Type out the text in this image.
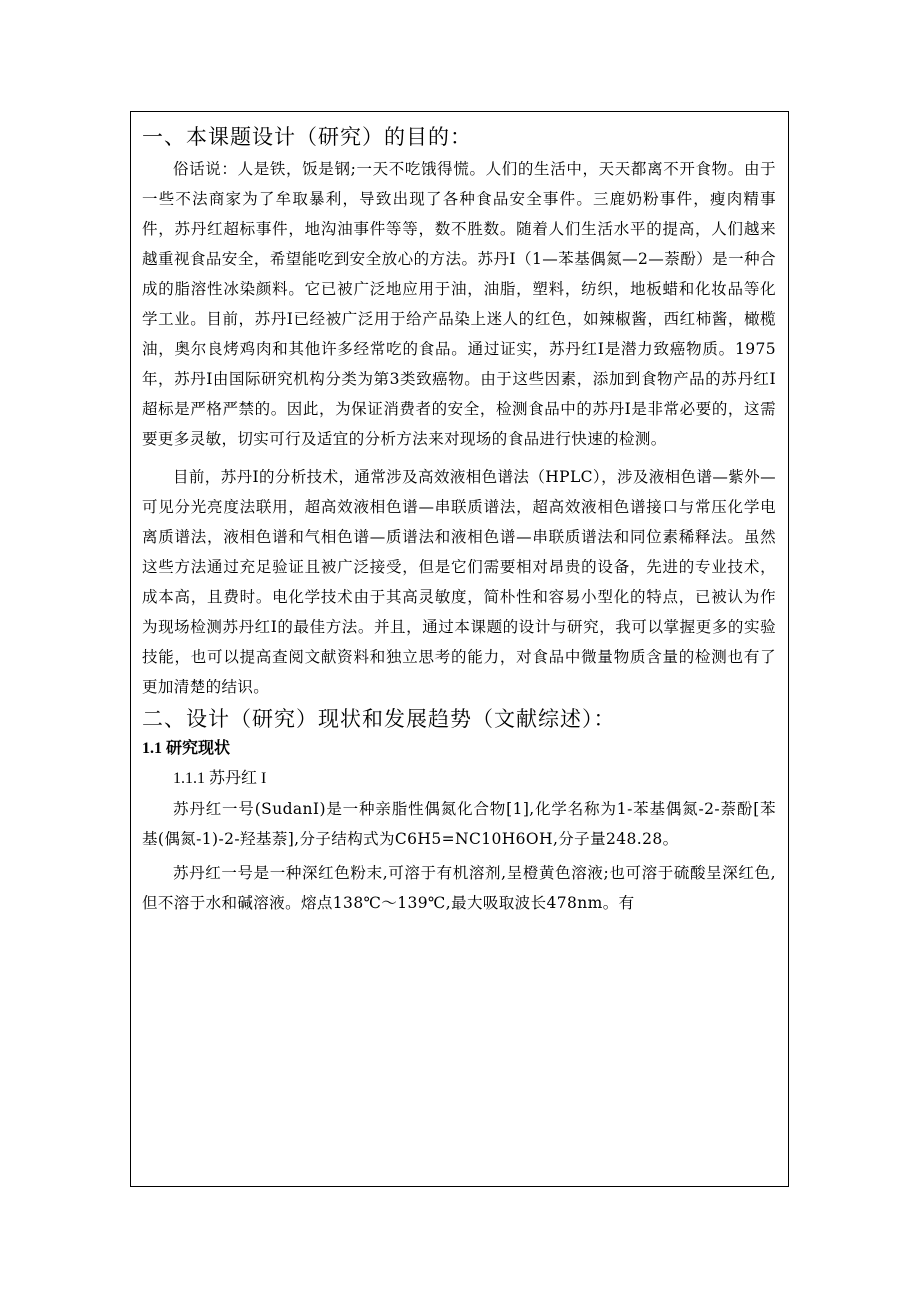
一、本课题设计（研究）的目的：

俗话说：人是铁，饭是钢;一天不吃饿得慌。人们的生活中，天天都离不开食物。由于一些不法商家为了牟取暴利，导致出现了各种食品安全事件。三鹿奶粉事件，瘦肉精事件，苏丹红超标事件，地沟油事件等等，数不胜数。随着人们生活水平的提高，人们越来越重视食品安全，希望能吃到安全放心的方法。苏丹I（1—苯基偶氮—2—萘酚）是一种合成的脂溶性冰染颜料。它已被广泛地应用于油，油脂，塑料，纺织，地板蜡和化妆品等化学工业。目前，苏丹I已经被广泛用于给产品染上迷人的红色，如辣椒酱，西红柿酱，橄榄油，奥尔良烤鸡肉和其他许多经常吃的食品。通过证实，苏丹红I是潜力致癌物质。1975年，苏丹I由国际研究机构分类为第3类致癌物。由于这些因素，添加到食物产品的苏丹红I超标是严格严禁的。因此，为保证消费者的安全，检测食品中的苏丹I是非常必要的，这需要更多灵敏，切实可行及适宜的分析方法来对现场的食品进行快速的检测。

目前，苏丹I的分析技术，通常涉及高效液相色谱法（HPLC），涉及液相色谱—紫外—可见分光亮度法联用，超高效液相色谱—串联质谱法，超高效液相色谱接口与常压化学电离质谱法，液相色谱和气相色谱—质谱法和液相色谱—串联质谱法和同位素稀释法。虽然这些方法通过充足验证且被广泛接受，但是它们需要相对昂贵的设备，先进的专业技术，成本高，且费时。电化学技术由于其高灵敏度，简朴性和容易小型化的特点，已被认为作为现场检测苏丹红I的最佳方法。并且，通过本课题的设计与研究，我可以掌握更多的实验技能，也可以提高查阅文献资料和独立思考的能力，对食品中微量物质含量的检测也有了更加清楚的结识。

二、设计（研究）现状和发展趋势（文献综述）：
1.1 研究现状
1.1.1 苏丹红 I

苏丹红一号(SudanI)是一种亲脂性偶氮化合物[1],化学名称为1-苯基偶氮-2-萘酚[苯基(偶氮-1)-2-羟基萘],分子结构式为C6H5=NC10H6OH,分子量248.28。

苏丹红一号是一种深红色粉末,可溶于有机溶剂,呈橙黄色溶液;也可溶于硫酸呈深红色,但不溶于水和碱溶液。熔点138℃～139℃,最大吸取波长478nm。有
